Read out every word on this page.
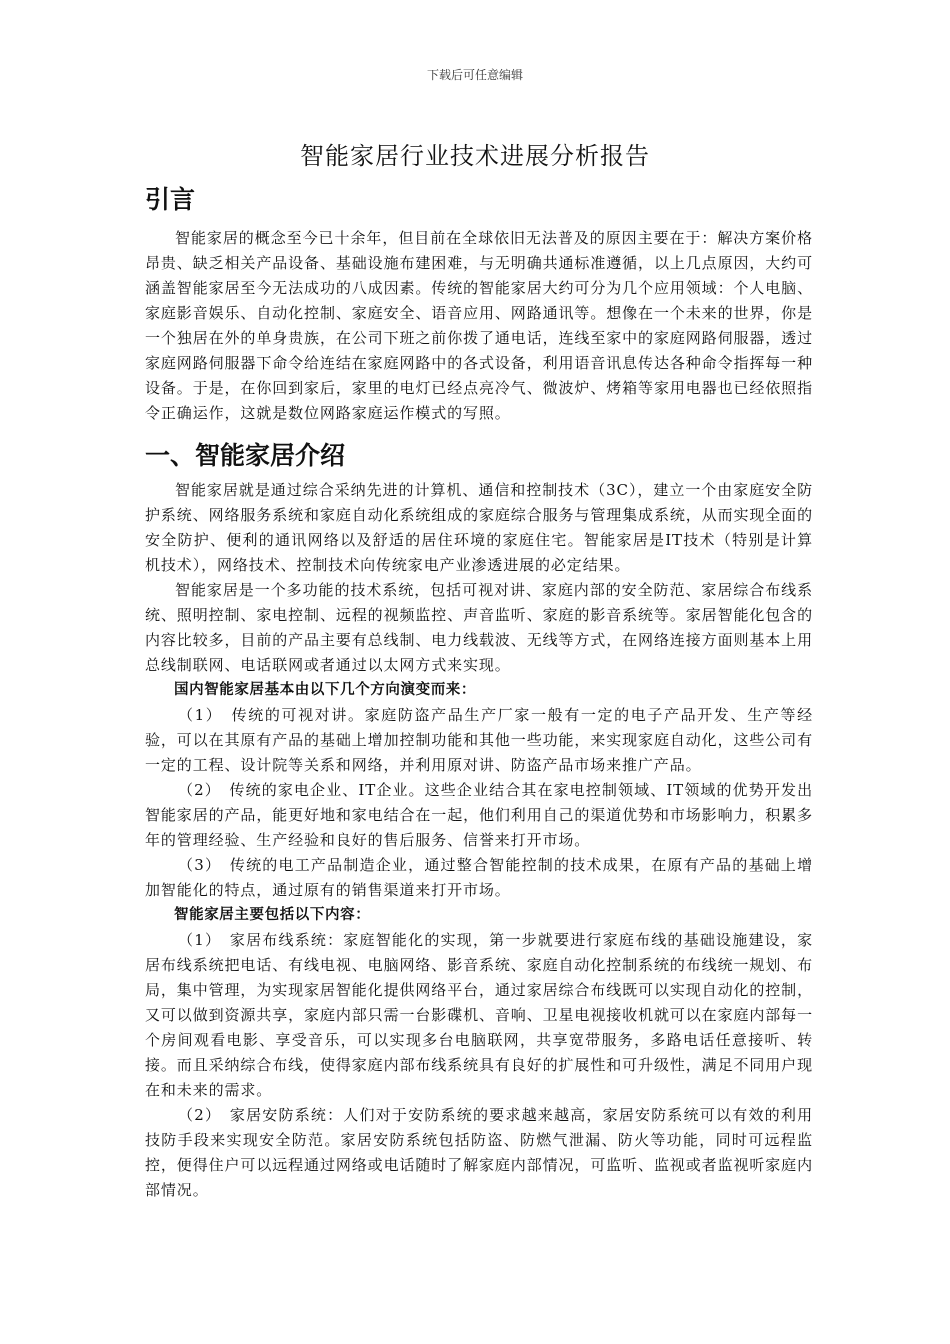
下载后可任意编辑
智能家居行业技术进展分析报告
引言

智能家居的概念至今已十余年，但目前在全球依旧无法普及的原因主要在于：解决方案价格昂贵、缺乏相关产品设备、基础设施布建困难，与无明确共通标准遵循，以上几点原因，大约可涵盖智能家居至今无法成功的八成因素。传统的智能家居大约可分为几个应用领域：个人电脑、家庭影音娱乐、自动化控制、家庭安全、语音应用、网路通讯等。想像在一个未来的世界，你是一个独居在外的单身贵族，在公司下班之前你拨了通电话，连线至家中的家庭网路伺服器，透过家庭网路伺服器下命令给连结在家庭网路中的各式设备，利用语音讯息传达各种命令指挥每一种设备。于是，在你回到家后，家里的电灯已经点亮冷气、微波炉、烤箱等家用电器也已经依照指令正确运作，这就是数位网路家庭运作模式的写照。

一、智能家居介绍

智能家居就是通过综合采纳先进的计算机、通信和控制技术（3C），建立一个由家庭安全防护系统、网络服务系统和家庭自动化系统组成的家庭综合服务与管理集成系统，从而实现全面的安全防护、便利的通讯网络以及舒适的居住环境的家庭住宅。智能家居是IT技术（特别是计算机技术），网络技术、控制技术向传统家电产业渗透进展的必定结果。

智能家居是一个多功能的技术系统，包括可视对讲、家庭内部的安全防范、家居综合布线系统、照明控制、家电控制、远程的视频监控、声音监听、家庭的影音系统等。家居智能化包含的内容比较多，目前的产品主要有总线制、电力线载波、无线等方式，在网络连接方面则基本上用总线制联网、电话联网或者通过以太网方式来实现。

国内智能家居基本由以下几个方向演变而来：

（1）　传统的可视对讲。家庭防盗产品生产厂家一般有一定的电子产品开发、生产等经验，可以在其原有产品的基础上增加控制功能和其他一些功能，来实现家庭自动化，这些公司有一定的工程、设计院等关系和网络，并利用原对讲、防盗产品市场来推广产品。

（2）　传统的家电企业、IT企业。这些企业结合其在家电控制领域、IT领域的优势开发出智能家居的产品，能更好地和家电结合在一起，他们利用自己的渠道优势和市场影响力，积累多年的管理经验、生产经验和良好的售后服务、信誉来打开市场。

（3）　传统的电工产品制造企业，通过整合智能控制的技术成果，在原有产品的基础上增加智能化的特点，通过原有的销售渠道来打开市场。

智能家居主要包括以下内容：

（1）　家居布线系统：家庭智能化的实现，第一步就要进行家庭布线的基础设施建设，家居布线系统把电话、有线电视、电脑网络、影音系统、家庭自动化控制系统的布线统一规划、布局，集中管理，为实现家居智能化提供网络平台，通过家居综合布线既可以实现自动化的控制，又可以做到资源共享，家庭内部只需一台影碟机、音响、卫星电视接收机就可以在家庭内部每一个房间观看电影、享受音乐，可以实现多台电脑联网，共享宽带服务，多路电话任意接听、转接。而且采纳综合布线，使得家庭内部布线系统具有良好的扩展性和可升级性，满足不同用户现在和未来的需求。

（2）　家居安防系统：人们对于安防系统的要求越来越高，家居安防系统可以有效的利用技防手段来实现安全防范。家居安防系统包括防盗、防燃气泄漏、防火等功能，同时可远程监控，便得住户可以远程通过网络或电话随时了解家庭内部情况，可监听、监视或者监视听家庭内部情况。
